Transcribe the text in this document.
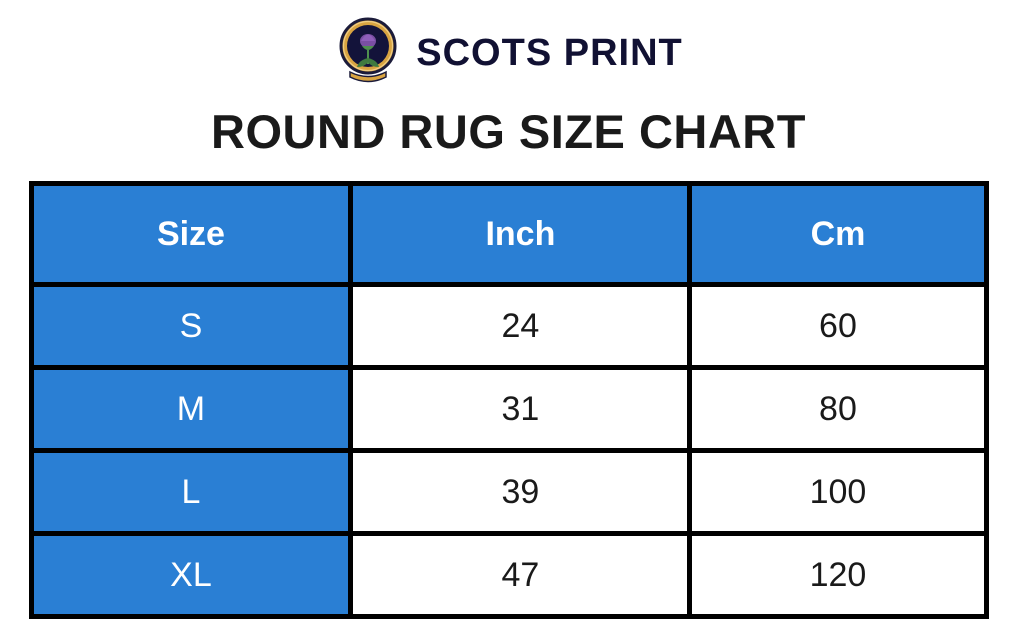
SCOTS PRINT
ROUND RUG SIZE CHART
Size	Inch	Cm
S	24	60
M	31	80
L	39	100
XL	47	120
